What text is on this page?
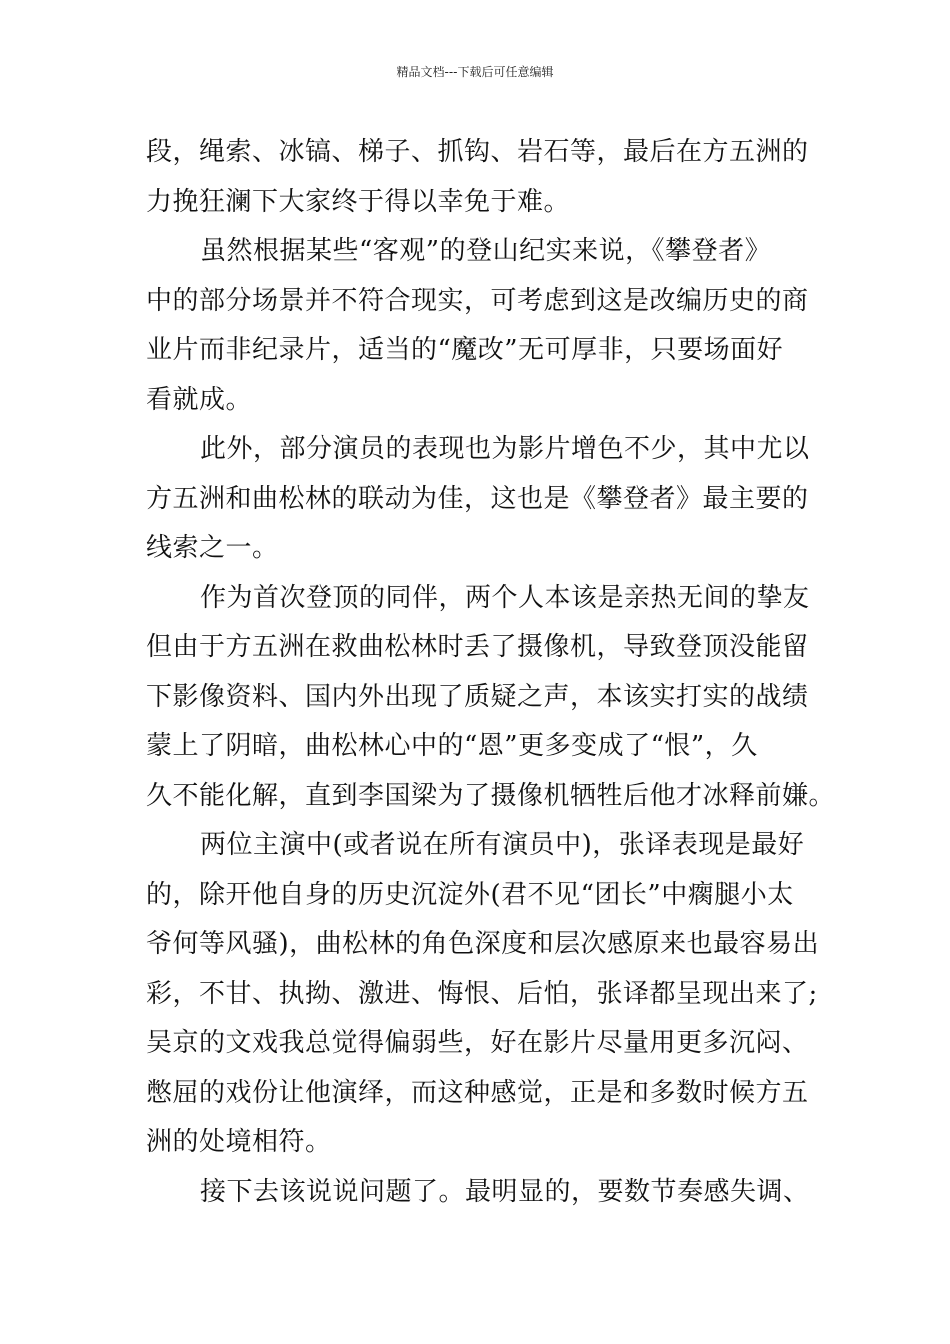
精品文档---下载后可任意编辑

段，绳索、冰镐、梯子、抓钩、岩石等，最后在方五洲的
力挽狂澜下大家终于得以幸免于难。

虽然根据某些“客观”的登山纪实来说，《攀登者》
中的部分场景并不符合现实，可考虑到这是改编历史的商
业片而非纪录片，适当的“魔改”无可厚非，只要场面好
看就成。

此外，部分演员的表现也为影片增色不少，其中尤以
方五洲和曲松林的联动为佳，这也是《攀登者》最主要的
线索之一。

作为首次登顶的同伴，两个人本该是亲热无间的挚友
但由于方五洲在救曲松林时丢了摄像机，导致登顶没能留
下影像资料、国内外出现了质疑之声，本该实打实的战绩
蒙上了阴暗，曲松林心中的“恩”更多变成了“恨”，久
久不能化解，直到李国梁为了摄像机牺牲后他才冰释前嫌。

两位主演中(或者说在所有演员中)，张译表现是最好
的，除开他自身的历史沉淀外(君不见“团长”中瘸腿小太
爷何等风骚)，曲松林的角色深度和层次感原来也最容易出
彩，不甘、执拗、激进、悔恨、后怕，张译都呈现出来了;
吴京的文戏我总觉得偏弱些，好在影片尽量用更多沉闷、
憋屈的戏份让他演绎，而这种感觉，正是和多数时候方五
洲的处境相符。

接下去该说说问题了。最明显的，要数节奏感失调、
